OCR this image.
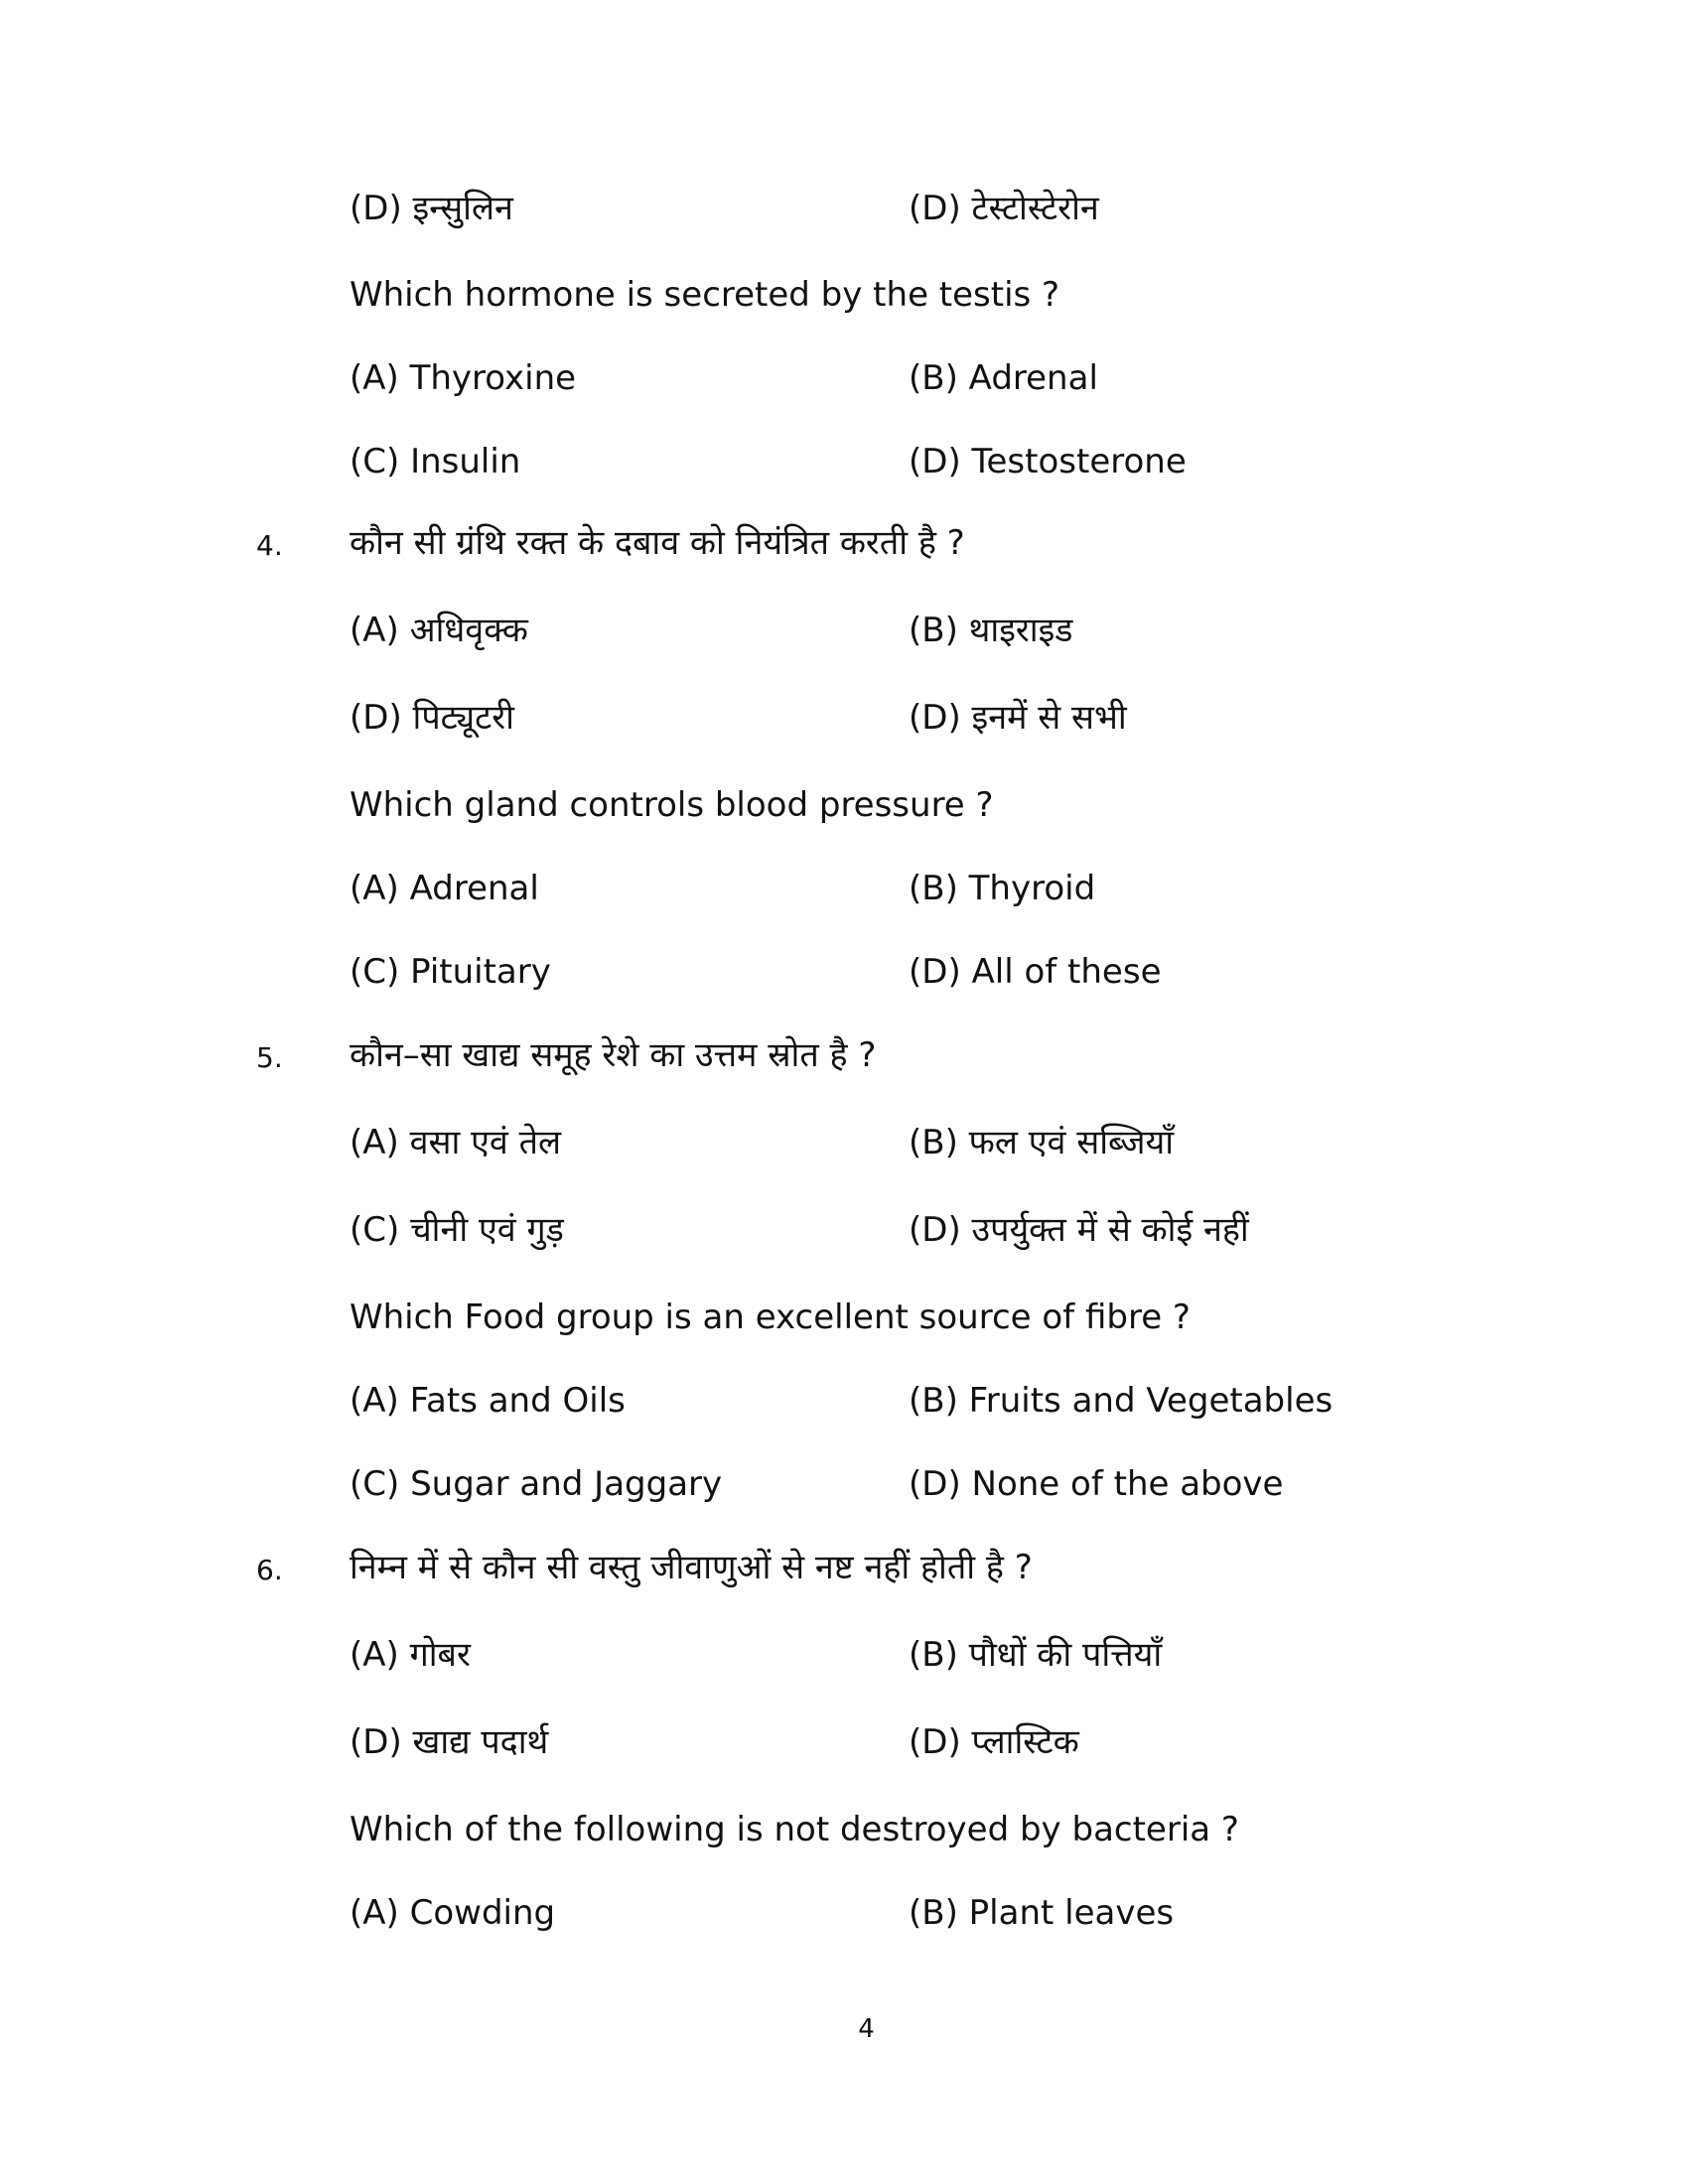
(D) इन्सुलिन	(D) टेस्टोस्टेरोन
Which hormone is secreted by the testis ?
(A) Thyroxine	(B) Adrenal
(C) Insulin	(D) Testosterone
4. कौन सी ग्रंथि रक्त के दबाव को नियंत्रित करती है ?
(A) अधिवृक्क	(B) थाइराइड
(D) पिट्यूटरी	(D) इनमें से सभी
Which gland controls blood pressure ?
(A) Adrenal	(B) Thyroid
(C) Pituitary	(D) All of these
5. कौन–सा खाद्य समूह रेशे का उत्तम स्रोत है ?
(A) वसा एवं तेल	(B) फल एवं सब्जियाँ
(C) चीनी एवं गुड़	(D) उपर्युक्त में से कोई नहीं
Which Food group is an excellent source of fibre ?
(A) Fats and Oils	(B) Fruits and Vegetables
(C) Sugar and Jaggary	(D) None of the above
6. निम्न में से कौन सी वस्तु जीवाणुओं से नष्ट नहीं होती है ?
(A) गोबर	(B) पौधों की पत्तियाँ
(D) खाद्य पदार्थ	(D) प्लास्टिक
Which of the following is not destroyed by bacteria ?
(A) Cowding	(B) Plant leaves
4
